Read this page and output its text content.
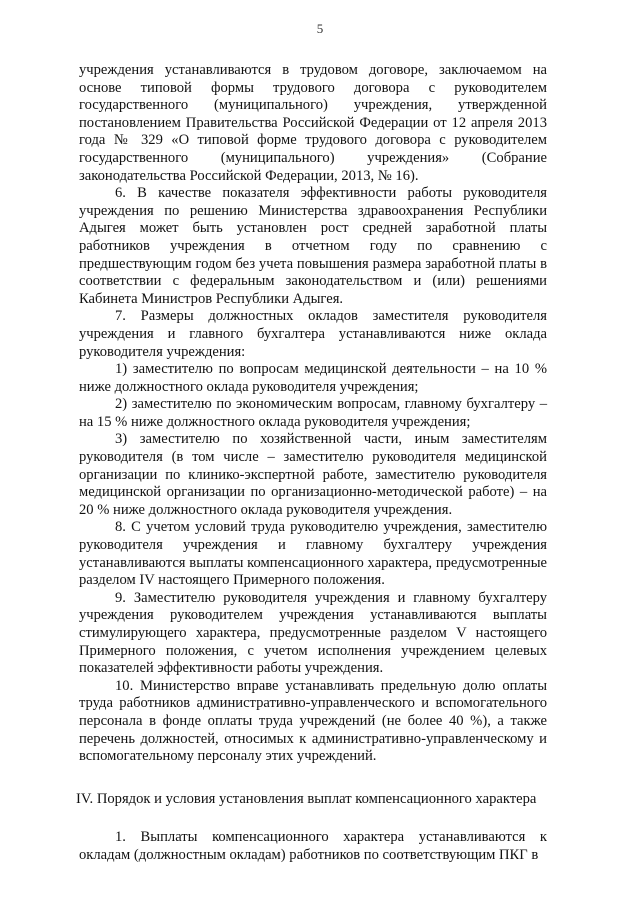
5

учреждения устанавливаются в трудовом договоре, заключаемом на основе типовой формы трудового договора с руководителем государственного (муниципального) учреждения, утвержденной постановлением Правительства Российской Федерации от 12 апреля 2013 года № 329 «О типовой форме трудового договора с руководителем государственного (муниципального) учреждения» (Собрание законодательства Российской Федерации, 2013, № 16).

6. В качестве показателя эффективности работы руководителя учреждения по решению Министерства здравоохранения Республики Адыгея может быть установлен рост средней заработной платы работников учреждения в отчетном году по сравнению с предшествующим годом без учета повышения размера заработной платы в соответствии с федеральным законодательством и (или) решениями Кабинета Министров Республики Адыгея.

7. Размеры должностных окладов заместителя руководителя учреждения и главного бухгалтера устанавливаются ниже оклада руководителя учреждения:

1) заместителю по вопросам медицинской деятельности – на 10 % ниже должностного оклада руководителя учреждения;

2) заместителю по экономическим вопросам, главному бухгалтеру – на 15 % ниже должностного оклада руководителя учреждения;

3) заместителю по хозяйственной части, иным заместителям руководителя (в том числе – заместителю руководителя медицинской организации по клинико-экспертной работе, заместителю руководителя медицинской организации по организационно-методической работе) – на 20 % ниже должностного оклада руководителя учреждения.

8. С учетом условий труда руководителю учреждения, заместителю руководителя учреждения и главному бухгалтеру учреждения устанавливаются выплаты компенсационного характера, предусмотренные разделом IV настоящего Примерного положения.

9. Заместителю руководителя учреждения и главному бухгалтеру учреждения руководителем учреждения устанавливаются выплаты стимулирующего характера, предусмотренные разделом V настоящего Примерного положения, с учетом исполнения учреждением целевых показателей эффективности работы учреждения.

10. Министерство вправе устанавливать предельную долю оплаты труда работников административно-управленческого и вспомогательного персонала в фонде оплаты труда учреждений (не более 40 %), а также перечень должностей, относимых к административно-управленческому и вспомогательному персоналу этих учреждений.

IV. Порядок и условия установления выплат компенсационного характера

1. Выплаты компенсационного характера устанавливаются к окладам (должностным окладам) работников по соответствующим ПКГ в
